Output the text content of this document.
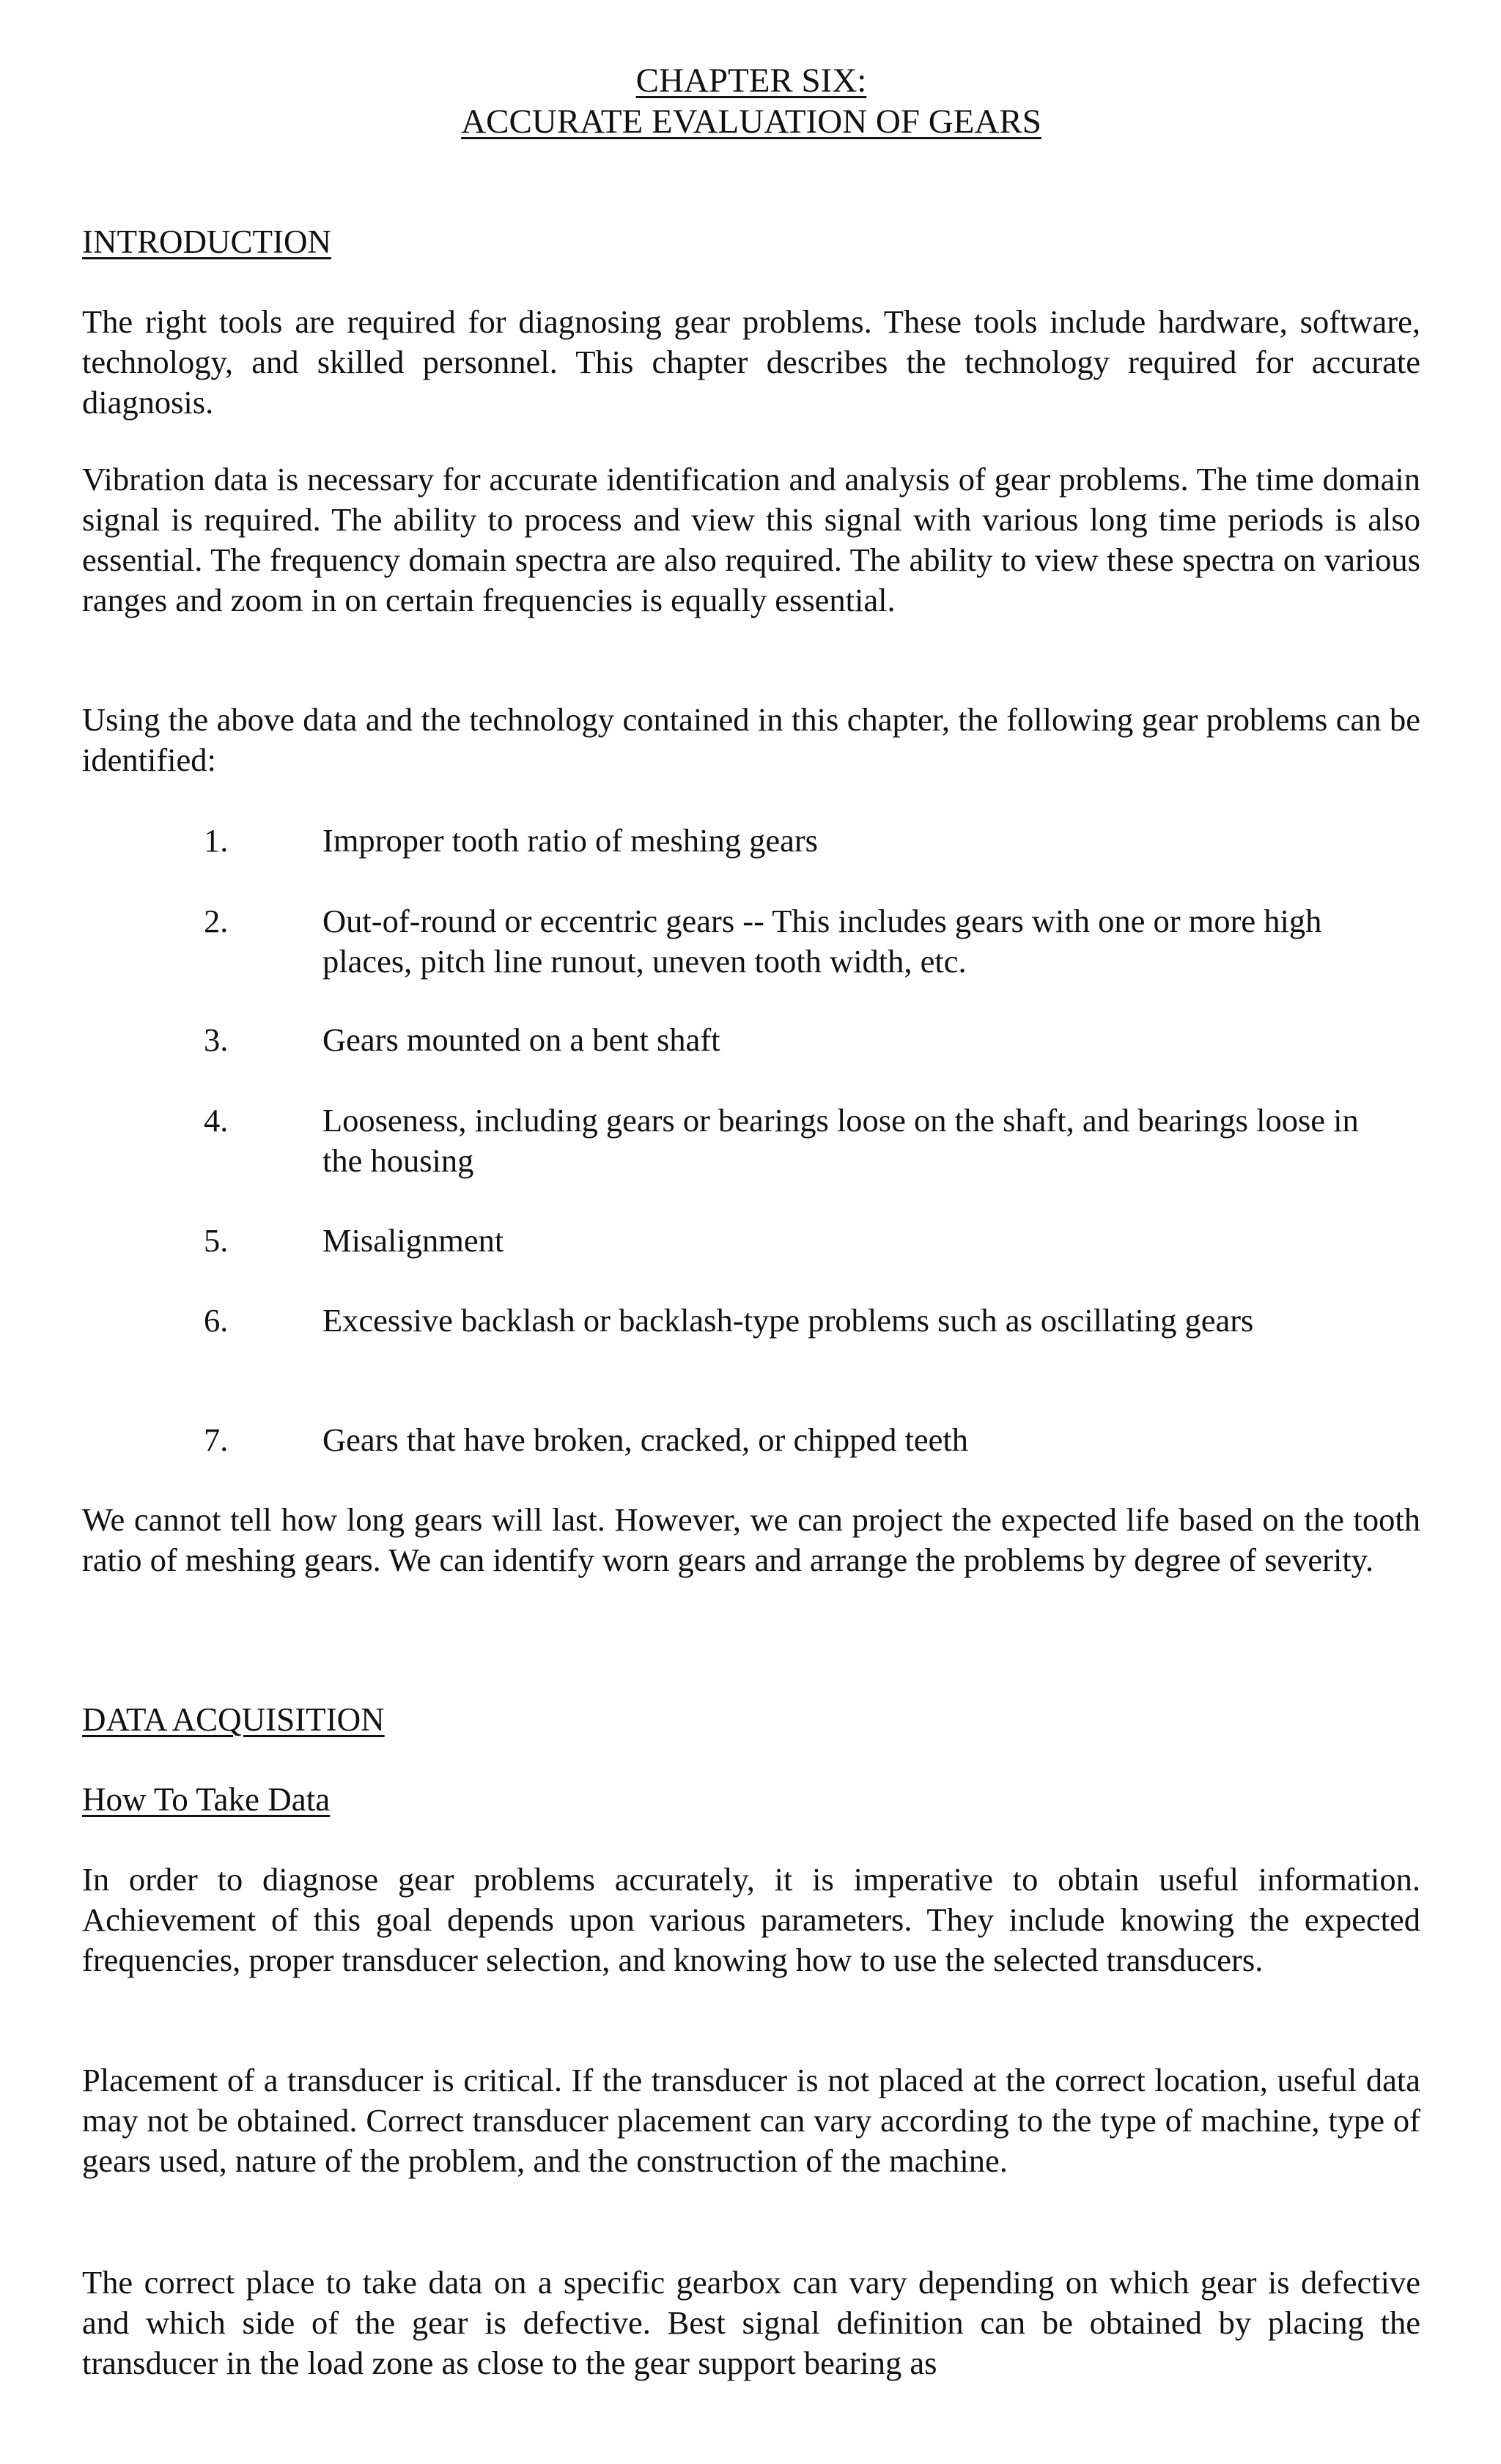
CHAPTER SIX:
ACCURATE EVALUATION OF GEARS
INTRODUCTION

The right tools are required for diagnosing gear problems. These tools include hardware, software, technology, and skilled personnel. This chapter describes the technology required for accurate diagnosis.

Vibration data is necessary for accurate identification and analysis of gear problems. The time domain signal is required. The ability to process and view this signal with various long time periods is also essential. The frequency domain spectra are also required. The ability to view these spectra on various ranges and zoom in on certain frequencies is equally essential.

Using the above data and the technology contained in this chapter, the following gear problems can be identified:

1.	Improper tooth ratio of meshing gears
2.	Out-of-round or eccentric gears -- This includes gears with one or more high places, pitch line runout, uneven tooth width, etc.
3.	Gears mounted on a bent shaft
4.	Looseness, including gears or bearings loose on the shaft, and bearings loose in the housing
5.	Misalignment
6.	Excessive backlash or backlash-type problems such as oscillating gears
7.	Gears that have broken, cracked, or chipped teeth

We cannot tell how long gears will last. However, we can project the expected life based on the tooth ratio of meshing gears. We can identify worn gears and arrange the problems by degree of severity.

DATA ACQUISITION
How To Take Data

In order to diagnose gear problems accurately, it is imperative to obtain useful information. Achievement of this goal depends upon various parameters. They include knowing the expected frequencies, proper transducer selection, and knowing how to use the selected transducers.

Placement of a transducer is critical. If the transducer is not placed at the correct location, useful data may not be obtained. Correct transducer placement can vary according to the type of machine, type of gears used, nature of the problem, and the construction of the machine.

The correct place to take data on a specific gearbox can vary depending on which gear is defective and which side of the gear is defective. Best signal definition can be obtained by placing the transducer in the load zone as close to the gear support bearing as
